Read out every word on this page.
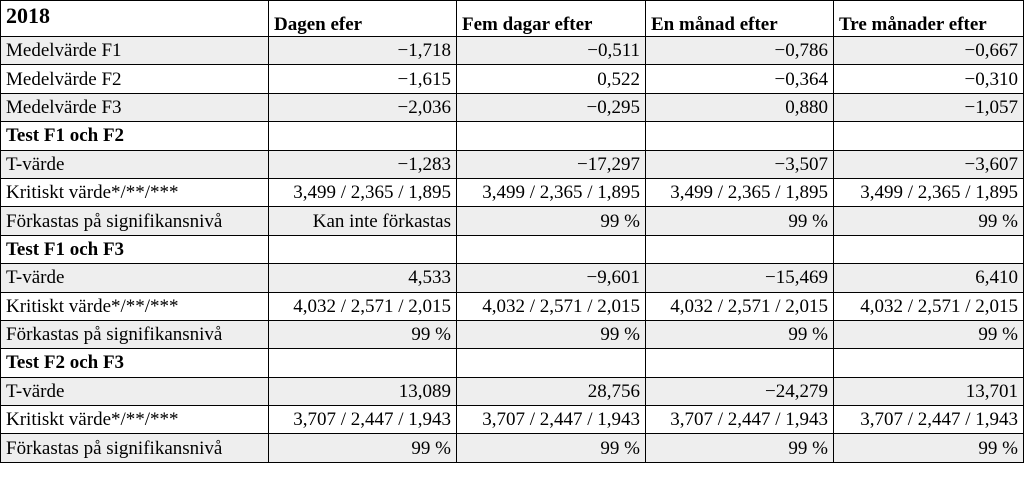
2018	Dagen efer	Fem dagar efter	En månad efter	Tre månader efter
Medelvärde F1	−1,718	−0,511	−0,786	−0,667
Medelvärde F2	−1,615	0,522	−0,364	−0,310
Medelvärde F3	−2,036	−0,295	0,880	−1,057
Test F1 och F2				
T-värde	−1,283	−17,297	−3,507	−3,607
Kritiskt värde*/**/***	3,499 / 2,365 / 1,895	3,499 / 2,365 / 1,895	3,499 / 2,365 / 1,895	3,499 / 2,365 / 1,895
Förkastas på signifikansnivå	Kan inte förkastas	99 %	99 %	99 %
Test F1 och F3				
T-värde	4,533	−9,601	−15,469	6,410
Kritiskt värde*/**/***	4,032 / 2,571 / 2,015	4,032 / 2,571 / 2,015	4,032 / 2,571 / 2,015	4,032 / 2,571 / 2,015
Förkastas på signifikansnivå	99 %	99 %	99 %	99 %
Test F2 och F3				
T-värde	13,089	28,756	−24,279	13,701
Kritiskt värde*/**/***	3,707 / 2,447 / 1,943	3,707 / 2,447 / 1,943	3,707 / 2,447 / 1,943	3,707 / 2,447 / 1,943
Förkastas på signifikansnivå	99 %	99 %	99 %	99 %
